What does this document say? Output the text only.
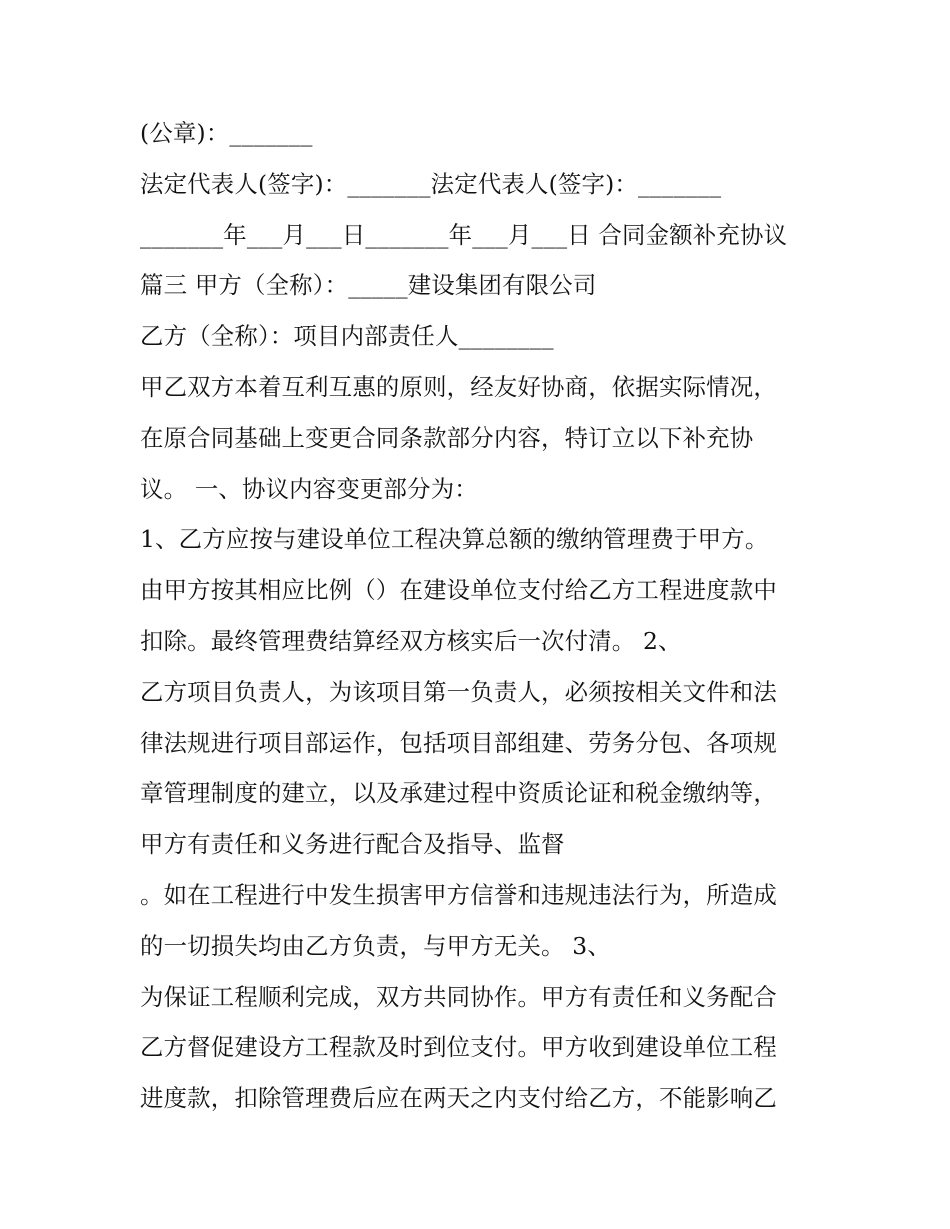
(公章)：_______
法定代表人(签字)：_______法定代表人(签字)：_______
_______年___月___日_______年___月___日 合同金额补充协议
篇三 甲方（全称）：_____建设集团有限公司
乙方（全称）：项目内部责任人________
甲乙双方本着互利互惠的原则，经友好协商，依据实际情况，
在原合同基础上变更合同条款部分内容，特订立以下补充协
议。 一、协议内容变更部分为：
1、乙方应按与建设单位工程决算总额的缴纳管理费于甲方。
由甲方按其相应比例（）在建设单位支付给乙方工程进度款中
扣除。最终管理费结算经双方核实后一次付清。 2、
乙方项目负责人，为该项目第一负责人，必须按相关文件和法
律法规进行项目部运作，包括项目部组建、劳务分包、各项规
章管理制度的建立，以及承建过程中资质论证和税金缴纳等，
甲方有责任和义务进行配合及指导、监督
。如在工程进行中发生损害甲方信誉和违规违法行为，所造成
的一切损失均由乙方负责，与甲方无关。 3、
为保证工程顺利完成，双方共同协作。甲方有责任和义务配合
乙方督促建设方工程款及时到位支付。甲方收到建设单位工程
进度款，扣除管理费后应在两天之内支付给乙方，不能影响乙
